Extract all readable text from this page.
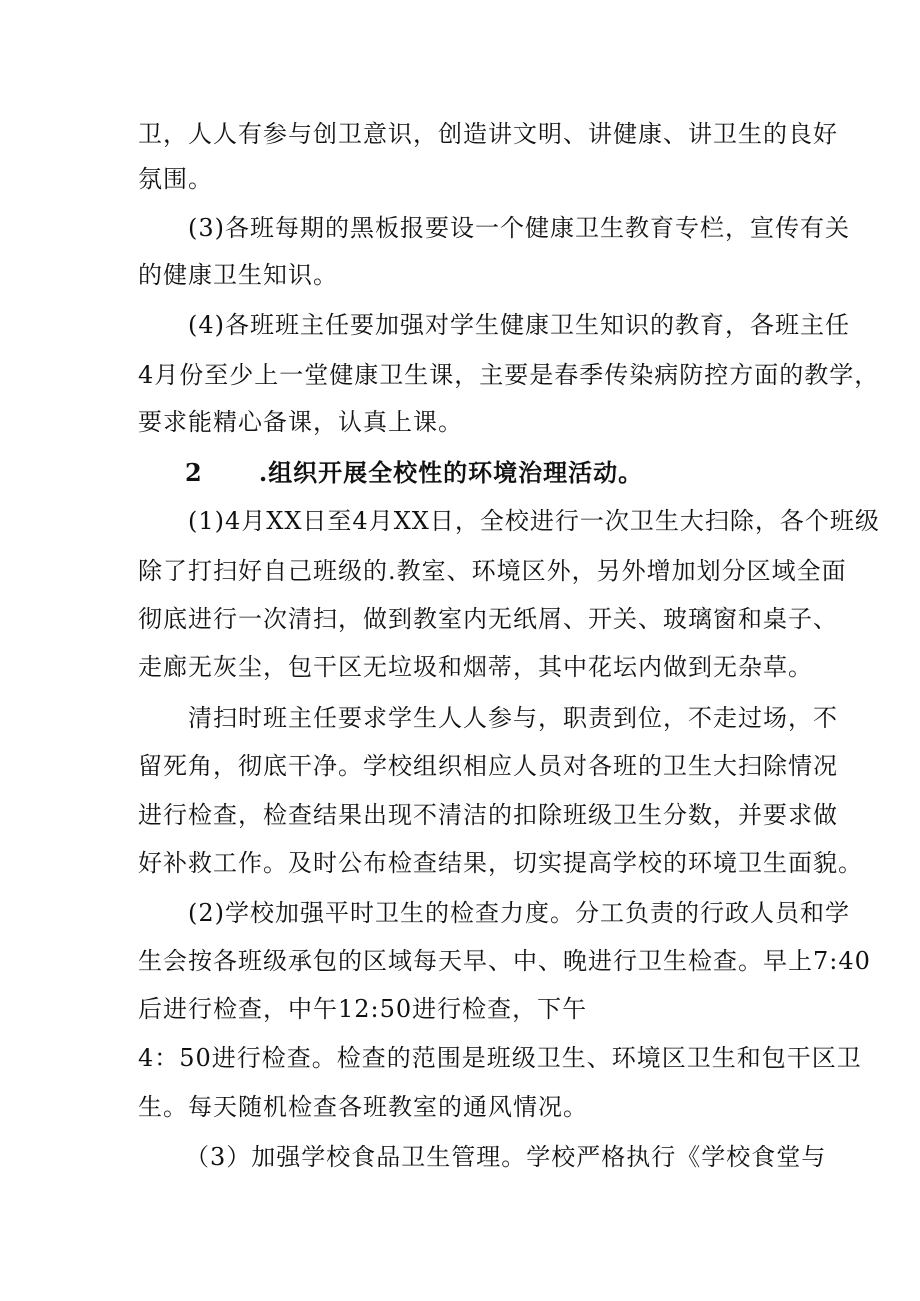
卫，人人有参与创卫意识，创造讲文明、讲健康、讲卫生的良好
氛围。
(3)各班每期的黑板报要设一个健康卫生教育专栏，宣传有关
的健康卫生知识。
(4)各班班主任要加强对学生健康卫生知识的教育，各班主任
4月份至少上一堂健康卫生课，主要是春季传染病防控方面的教学，
要求能精心备课，认真上课。
2      .组织开展全校性的环境治理活动。
(1)4月XX日至4月XX日，全校进行一次卫生大扫除，各个班级
除了打扫好自己班级的.教室、环境区外，另外增加划分区域全面
彻底进行一次清扫，做到教室内无纸屑、开关、玻璃窗和桌子、
走廊无灰尘，包干区无垃圾和烟蒂，其中花坛内做到无杂草。
清扫时班主任要求学生人人参与，职责到位，不走过场，不
留死角，彻底干净。学校组织相应人员对各班的卫生大扫除情况
进行检查，检查结果出现不清洁的扣除班级卫生分数，并要求做
好补救工作。及时公布检查结果，切实提高学校的环境卫生面貌。
(2)学校加强平时卫生的检查力度。分工负责的行政人员和学
生会按各班级承包的区域每天早、中、晚进行卫生检查。早上7:40
后进行检查，中午12:50进行检查，下午
4：50进行检查。检查的范围是班级卫生、环境区卫生和包干区卫
生。每天随机检查各班教室的通风情况。
（3）加强学校食品卫生管理。学校严格执行《学校食堂与
